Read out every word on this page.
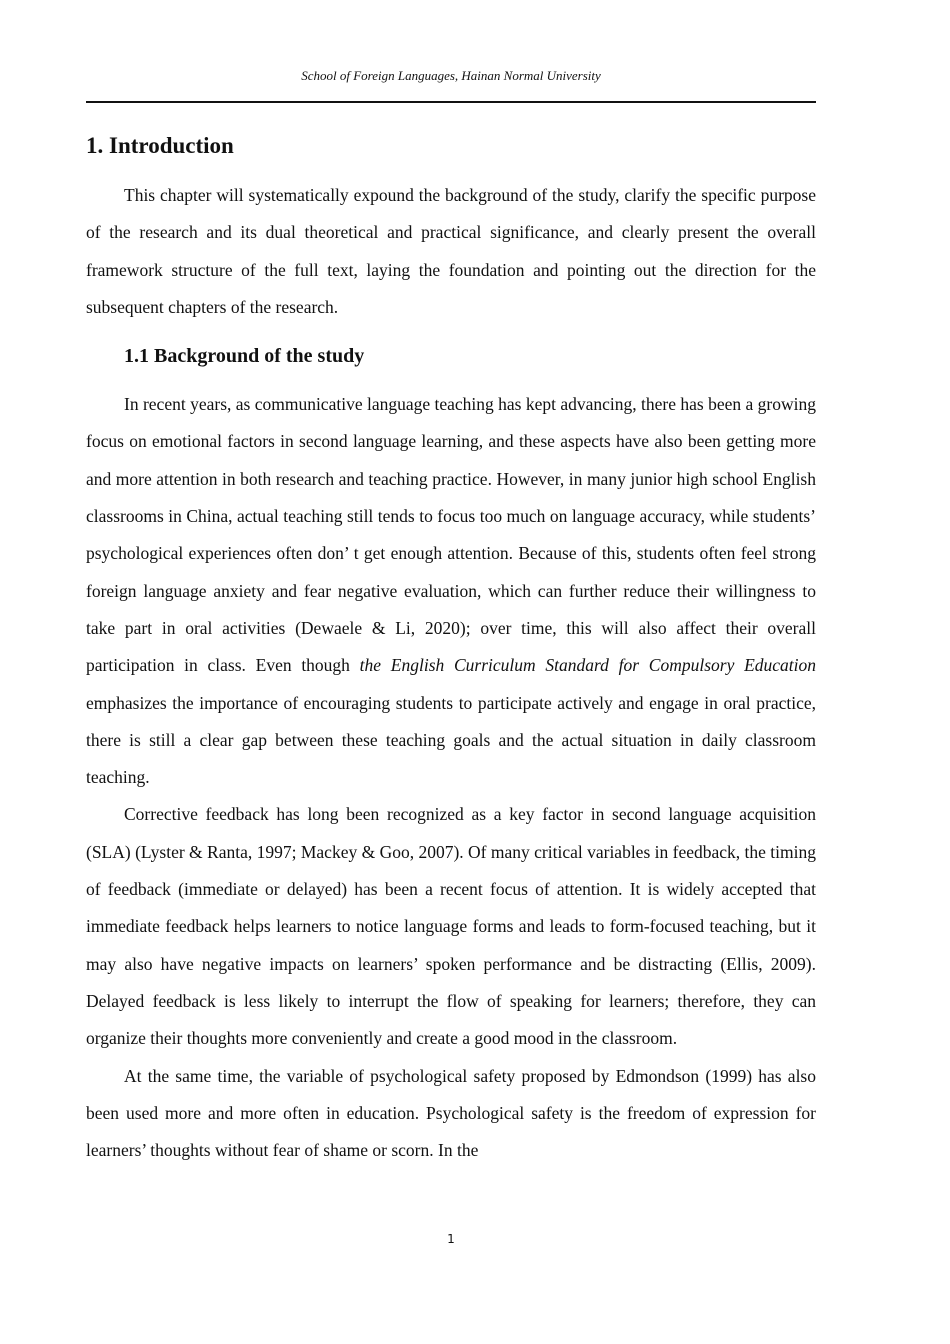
School of Foreign Languages, Hainan Normal University
1. Introduction

This chapter will systematically expound the background of the study, clarify the specific purpose of the research and its dual theoretical and practical significance, and clearly present the overall framework structure of the full text, laying the foundation and pointing out the direction for the subsequent chapters of the research.

1.1 Background of the study

In recent years, as communicative language teaching has kept advancing, there has been a growing focus on emotional factors in second language learning, and these aspects have also been getting more and more attention in both research and teaching practice. However, in many junior high school English classrooms in China, actual teaching still tends to focus too much on language accuracy, while students’ psychological experiences often don’ t get enough attention. Because of this, students often feel strong foreign language anxiety and fear negative evaluation, which can further reduce their willingness to take part in oral activities (Dewaele & Li, 2020); over time, this will also affect their overall participation in class. Even though the English Curriculum Standard for Compulsory Education emphasizes the importance of encouraging students to participate actively and engage in oral practice, there is still a clear gap between these teaching goals and the actual situation in daily classroom teaching.

Corrective feedback has long been recognized as a key factor in second language acquisition (SLA) (Lyster & Ranta, 1997; Mackey & Goo, 2007). Of many critical variables in feedback, the timing of feedback (immediate or delayed) has been a recent focus of attention. It is widely accepted that immediate feedback helps learners to notice language forms and leads to form-focused teaching, but it may also have negative impacts on learners’ spoken performance and be distracting (Ellis, 2009). Delayed feedback is less likely to interrupt the flow of speaking for learners; therefore, they can organize their thoughts more conveniently and create a good mood in the classroom.

At the same time, the variable of psychological safety proposed by Edmondson (1999) has also been used more and more often in education. Psychological safety is the freedom of expression for learners’ thoughts without fear of shame or scorn. In the

1
